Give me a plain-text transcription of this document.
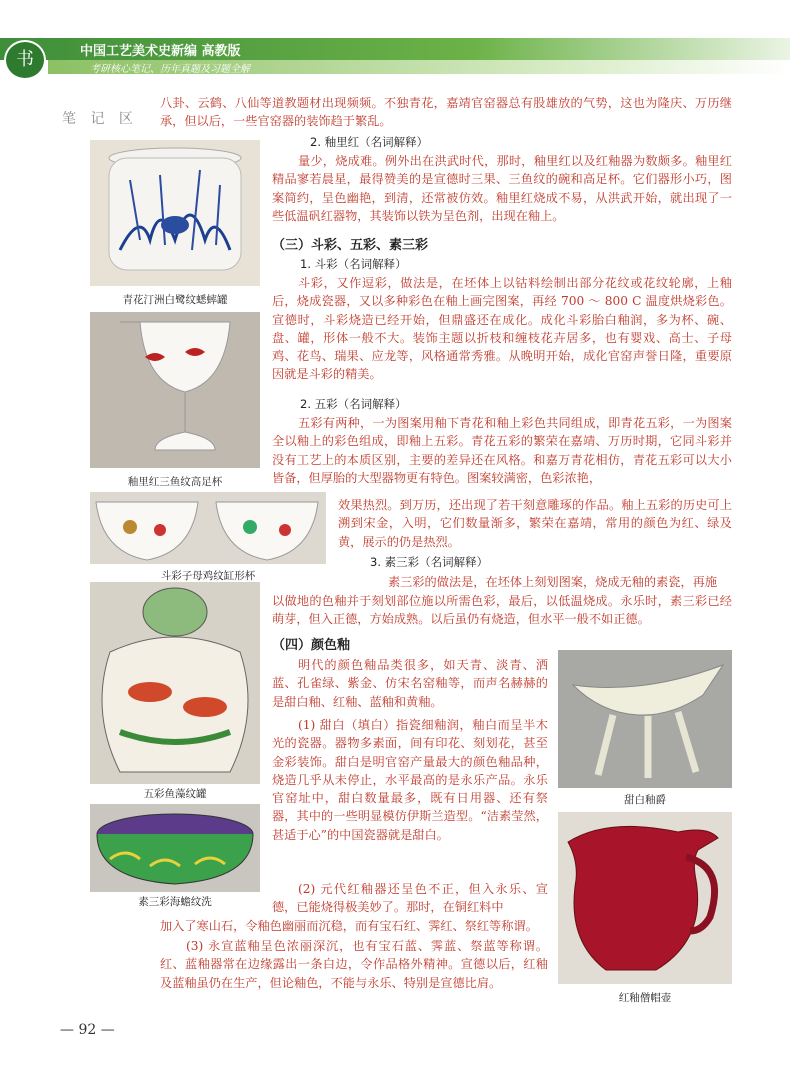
书	中国工艺美术史新编 高教版
考研核心笔记、历年真题及习题全解
笔 记 区

八卦、云鹤、八仙等道教题材出现频频。不独青花，嘉靖官窑器总有股雄放的气势，这也为隆庆、万历继承，但以后，一些官窑器的装饰趋于繁乱。

2. 釉里红（名词解释）

量少，烧成难。例外出在洪武时代，那时，釉里红以及红釉器为数颇多。釉里红精品寥若晨星，最得赞美的是宣德时三果、三鱼纹的碗和高足杯。它们器形小巧，图案简约，呈色幽艳，到清，还常被仿效。釉里红烧成不易，从洪武开始，就出现了一些低温矾红器物，其装饰以铁为呈色剂，出现在釉上。

（三）斗彩、五彩、素三彩
1. 斗彩（名词解释）

斗彩，又作逗彩，做法是，在坯体上以钴料绘制出部分花纹或花纹轮廓，上釉后，烧成瓷器，又以多种彩色在釉上画完图案，再经 700 ～ 800 C 温度烘烧彩色。宣德时，斗彩烧造已经开始，但鼎盛还在成化。成化斗彩胎白釉润，多为杯、碗、盘、罐，形体一般不大。装饰主题以折枝和缠枝花卉居多，也有婴戏、高士、子母鸡、花鸟、瑞果、应龙等，风格通常秀雅。从晚明开始，成化官窑声誉日隆，重要原因就是斗彩的精美。

2. 五彩（名词解释）

五彩有两种，一为图案用釉下青花和釉上彩色共同组成，即青花五彩，一为图案全以釉上的彩色组成，即釉上五彩。青花五彩的繁荣在嘉靖、万历时期，它同斗彩并没有工艺上的本质区别，主要的差异还在风格。和嘉万青花相仿，青花五彩可以大小皆备，但厚胎的大型器物更有特色。图案较满密，色彩浓艳，

效果热烈。到万历，还出现了若干刻意雕琢的作品。釉上五彩的历史可上溯到宋金，入明，它们数量渐多，繁荣在嘉靖，常用的颜色为红、绿及黄，展示的仍是热烈。

3. 素三彩（名词解释）

素三彩的做法是，在坯体上刻划图案，烧成无釉的素瓷，再施

以做地的色釉并于刻划部位施以所需色彩，最后，以低温烧成。永乐时，素三彩已经萌芽，但入正德，方始成熟。以后虽仍有烧造，但水平一般不如正德。

（四）颜色釉

明代的颜色釉品类很多，如天青、淡青、洒蓝、孔雀绿、紫金、仿宋名窑釉等，而声名赫赫的是甜白釉、红釉、蓝釉和黄釉。

(1) 甜白（填白）指瓷细釉润，釉白而呈半木光的瓷器。器物多素面，间有印花、刻划花，甚至金彩装饰。甜白是明官窑产量最大的颜色釉品种，烧造几乎从未停止，水平最高的是永乐产品。永乐官窑址中，甜白数量最多，既有日用器、还有祭器，其中的一些明显模仿伊斯兰造型。“洁素莹然，甚适于心”的中国瓷器就是甜白。

(2) 元代红釉器还呈色不正，但入永乐、宣德，已能烧得极美妙了。那时，在铜红料中

加入了寒山石，令釉色幽丽而沉稳，而有宝石红、霁红、祭红等称谓。

(3) 永宣蓝釉呈色浓丽深沉，也有宝石蓝、霁蓝、祭蓝等称谓。红、蓝釉器常在边缘露出一条白边，令作品格外精神。宣德以后，红釉及蓝釉虽仍在生产，但论釉色，不能与永乐、特别是宣德比肩。

青花汀洲白鹭纹蟋蟀罐
釉里红三鱼纹高足杯
斗彩子母鸡纹缸形杯
五彩鱼藻纹罐
素三彩海蟾纹洗
甜白釉爵
红釉僧帽壶
— 92 —
